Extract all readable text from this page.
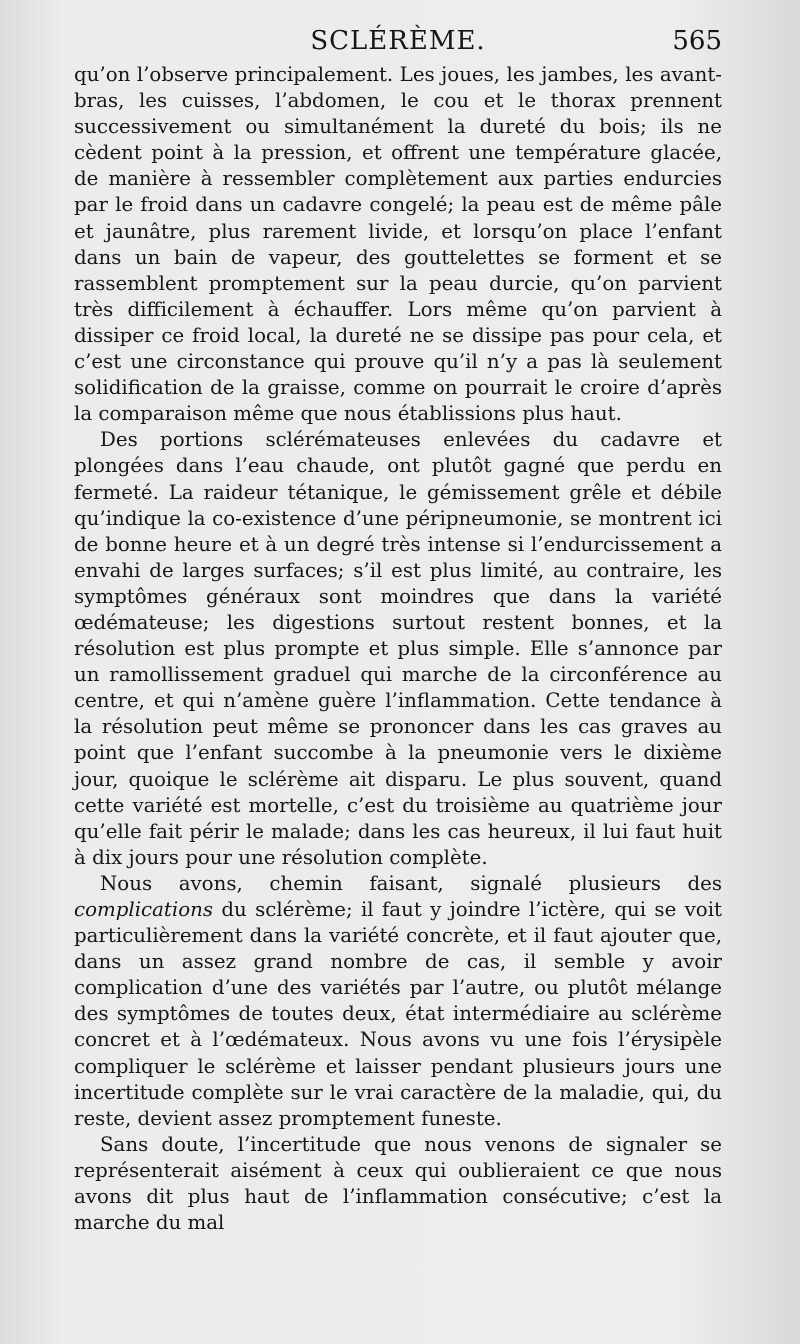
SCLÉRÈME.	565

qu’on l’observe principalement. Les joues, les jambes, les avant-bras, les cuisses, l’abdomen, le cou et le thorax prennent successivement ou simultanément la dureté du bois; ils ne cèdent point à la pression, et offrent une température glacée, de manière à ressembler complètement aux parties endurcies par le froid dans un cadavre congelé; la peau est de même pâle et jaunâtre, plus rarement livide, et lorsqu’on place l’enfant dans un bain de vapeur, des gouttelettes se forment et se rassemblent promptement sur la peau durcie, qu’on parvient très difficilement à échauffer. Lors même qu’on parvient à dissiper ce froid local, la dureté ne se dissipe pas pour cela, et c’est une circonstance qui prouve qu’il n’y a pas là seulement solidification de la graisse, comme on pourrait le croire d’après la comparaison même que nous établissions plus haut.

Des portions sclérémateuses enlevées du cadavre et plongées dans l’eau chaude, ont plutôt gagné que perdu en fermeté. La raideur tétanique, le gémissement grêle et débile qu’indique la co-existence d’une péripneumonie, se montrent ici de bonne heure et à un degré très intense si l’endurcissement a envahi de larges surfaces; s’il est plus limité, au contraire, les symptômes généraux sont moindres que dans la variété œdémateuse; les digestions surtout restent bonnes, et la résolution est plus prompte et plus simple. Elle s’annonce par un ramollissement graduel qui marche de la circonférence au centre, et qui n’amène guère l’inflammation. Cette tendance à la résolution peut même se prononcer dans les cas graves au point que l’enfant succombe à la pneumonie vers le dixième jour, quoique le sclérème ait disparu. Le plus souvent, quand cette variété est mortelle, c’est du troisième au quatrième jour qu’elle fait périr le malade; dans les cas heureux, il lui faut huit à dix jours pour une résolution complète.

Nous avons, chemin faisant, signalé plusieurs des complications du sclérème; il faut y joindre l’ictère, qui se voit particulièrement dans la variété concrète, et il faut ajouter que, dans un assez grand nombre de cas, il semble y avoir complication d’une des variétés par l’autre, ou plutôt mélange des symptômes de toutes deux, état intermédiaire au sclérème concret et à l’œdémateux. Nous avons vu une fois l’érysipèle compliquer le sclérème et laisser pendant plusieurs jours une incertitude complète sur le vrai caractère de la maladie, qui, du reste, devient assez promptement funeste.

Sans doute, l’incertitude que nous venons de signaler se représenterait aisément à ceux qui oublieraient ce que nous avons dit plus haut de l’inflammation consécutive; c’est la marche du mal
